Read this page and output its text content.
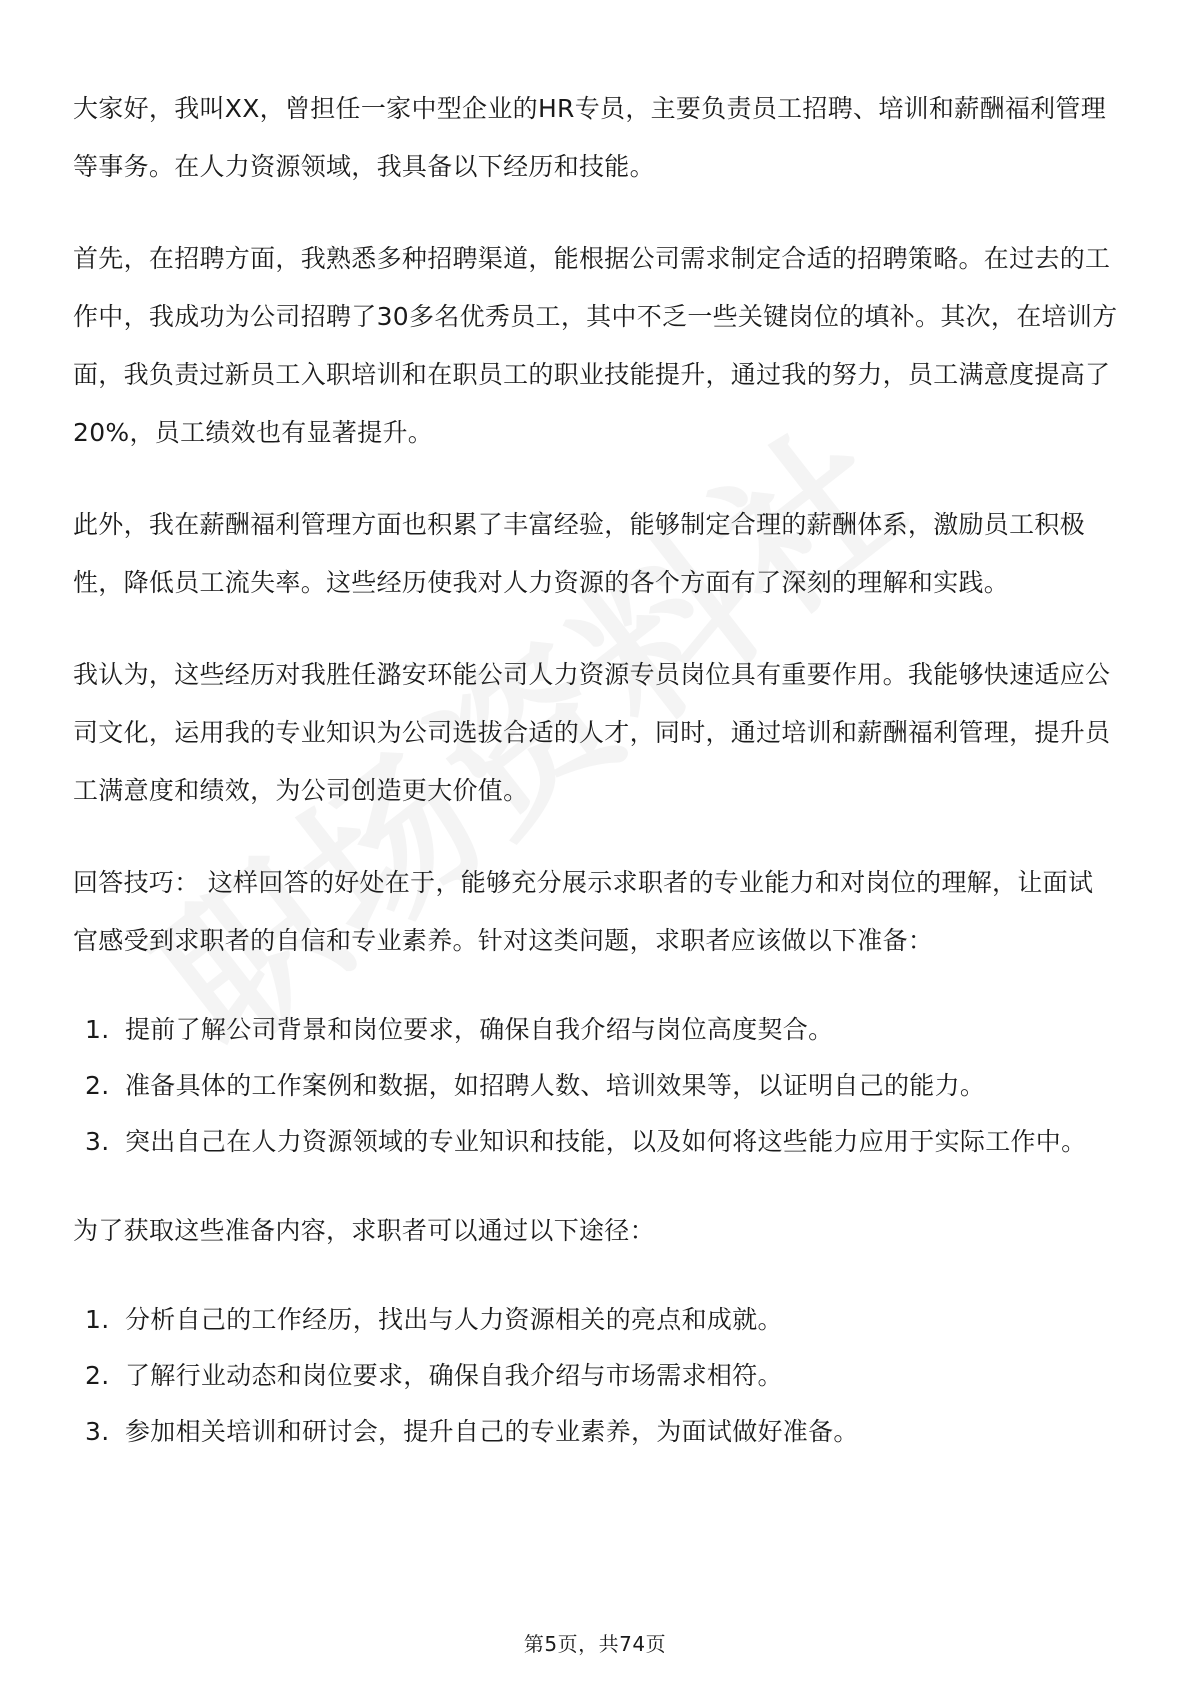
大家好，我叫XX，曾担任一家中型企业的HR专员，主要负责员工招聘、培训和薪酬福利管理等事务。在人力资源领域，我具备以下经历和技能。

首先，在招聘方面，我熟悉多种招聘渠道，能根据公司需求制定合适的招聘策略。在过去的工作中，我成功为公司招聘了30多名优秀员工，其中不乏一些关键岗位的填补。其次，在培训方面，我负责过新员工入职培训和在职员工的职业技能提升，通过我的努力，员工满意度提高了20%，员工绩效也有显著提升。

此外，我在薪酬福利管理方面也积累了丰富经验，能够制定合理的薪酬体系，激励员工积极性，降低员工流失率。这些经历使我对人力资源的各个方面有了深刻的理解和实践。

我认为，这些经历对我胜任潞安环能公司人力资源专员岗位具有重要作用。我能够快速适应公司文化，运用我的专业知识为公司选拔合适的人才，同时，通过培训和薪酬福利管理，提升员工满意度和绩效，为公司创造更大价值。

回答技巧： 这样回答的好处在于，能够充分展示求职者的专业能力和对岗位的理解，让面试官感受到求职者的自信和专业素养。针对这类问题，求职者应该做以下准备：

1. 提前了解公司背景和岗位要求，确保自我介绍与岗位高度契合。
2. 准备具体的工作案例和数据，如招聘人数、培训效果等，以证明自己的能力。
3. 突出自己在人力资源领域的专业知识和技能，以及如何将这些能力应用于实际工作中。

为了获取这些准备内容，求职者可以通过以下途径：

1. 分析自己的工作经历，找出与人力资源相关的亮点和成就。
2. 了解行业动态和岗位要求，确保自我介绍与市场需求相符。
3. 参加相关培训和研讨会，提升自己的专业素养，为面试做好准备。
第5页，共74页
